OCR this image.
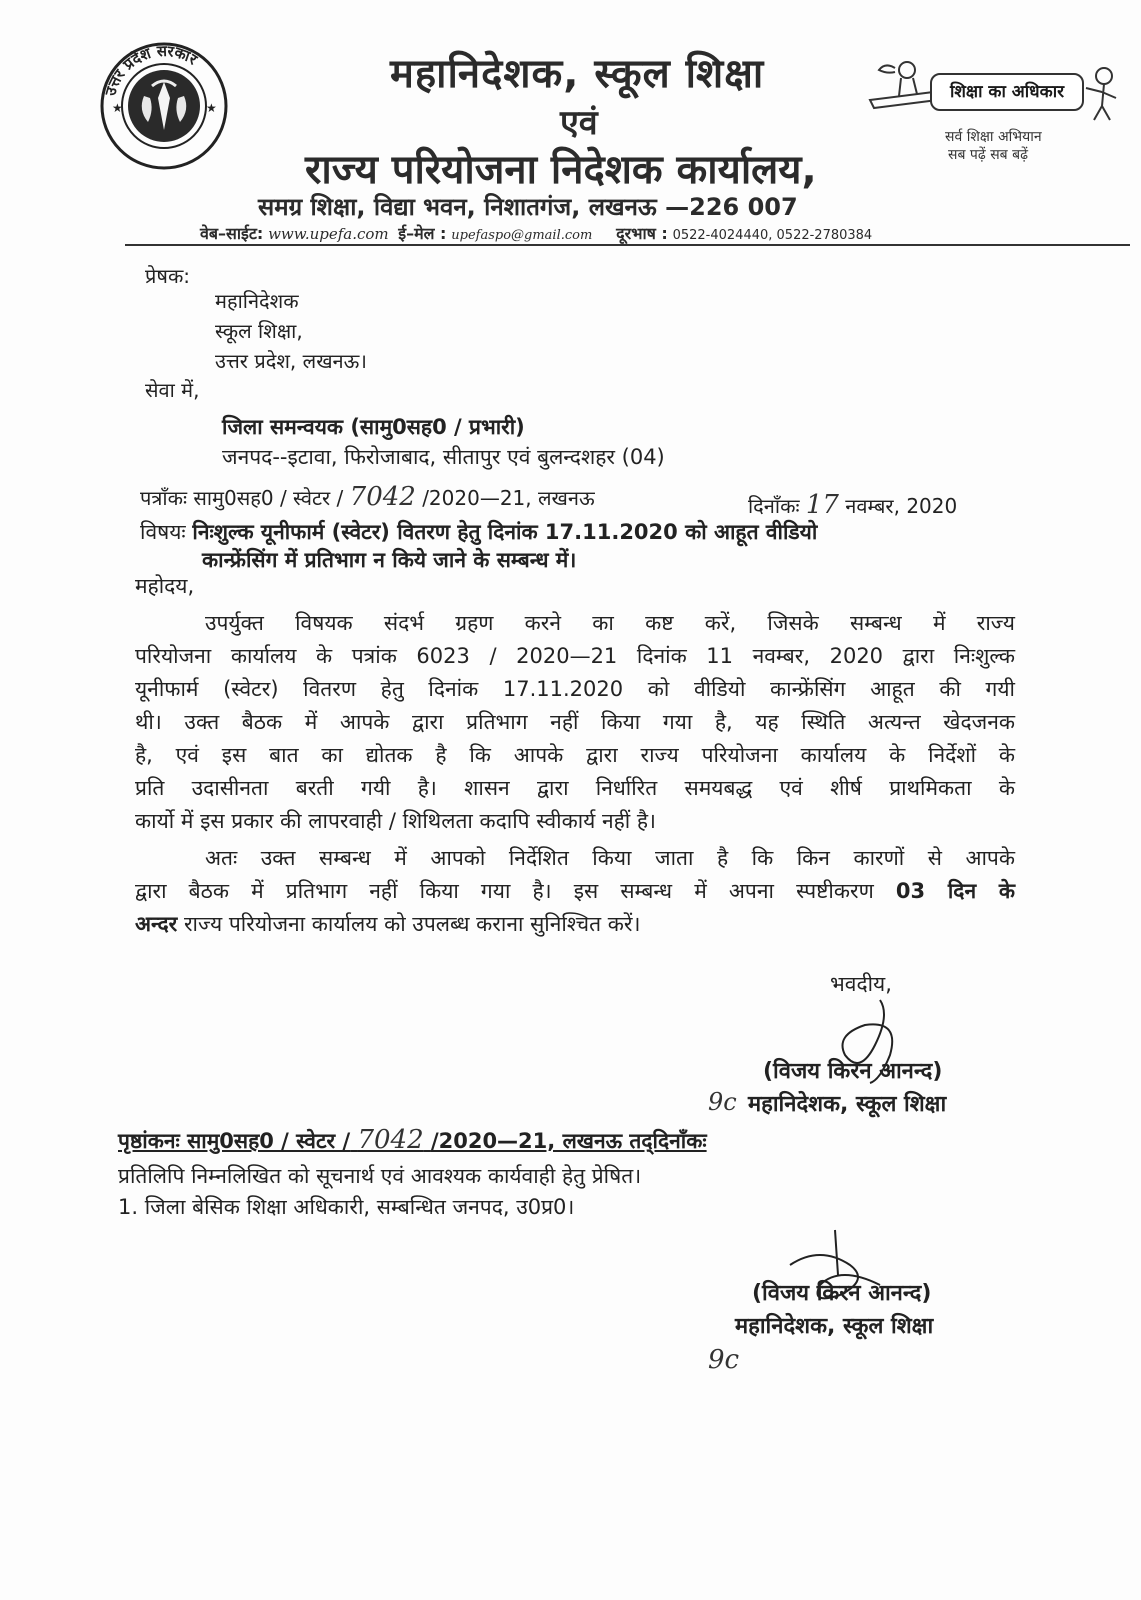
उत्तर प्रदेश सरकार
★	★
महानिदेशक, स्कूल शिक्षा
एवं
राज्य परियोजना निदेशक कार्यालय,
समग्र शिक्षा, विद्या भवन, निशातगंज, लखनऊ —226 007
वेब–साईट: www.upefa.com ई–मेल : upefaspo@gmail.com दूरभाष : 0522-4024440, 0522-2780384
शिक्षा का अधिकार
सर्व शिक्षा अभियान
सब पढ़ें सब बढ़ें
प्रेषक:
महानिदेशक
स्कूल शिक्षा,
उत्तर प्रदेश, लखनऊ।
सेवा में,
जिला समन्वयक (सामु0सह0 / प्रभारी)
जनपद--इटावा, फिरोजाबाद, सीतापुर एवं बुलन्दशहर (04)
पत्रॉंकः सामु0सह0 / स्वेटर / 7042 /2020—21, लखनऊ	दिनॉंकः 17 नवम्बर, 2020
विषयः निःशुल्क यूनीफार्म (स्वेटर) वितरण हेतु दिनांक 17.11.2020 को आहूत वीडियो
कान्फ्रेंसिंग में प्रतिभाग न किये जाने के सम्बन्ध में।
महोदय,
उपर्युक्त विषयक संदर्भ ग्रहण करने का कष्ट करें, जिसके सम्बन्ध में राज्य
परियोजना कार्यालय के पत्रांक 6023 / 2020—21 दिनांक 11 नवम्बर, 2020 द्वारा निःशुल्क
यूनीफार्म (स्वेटर) वितरण हेतु दिनांक 17.11.2020 को वीडियो कान्फ्रेंसिंग आहूत की गयी
थी। उक्त बैठक में आपके द्वारा प्रतिभाग नहीं किया गया है, यह स्थिति अत्यन्त खेदजनक
है, एवं इस बात का द्योतक है कि आपके द्वारा राज्य परियोजना कार्यालय के निर्देशों के
प्रति उदासीनता बरती गयी है। शासन द्वारा निर्धारित समयबद्ध एवं शीर्ष प्राथमिकता के
कार्यो में इस प्रकार की लापरवाही / शिथिलता कदापि स्वीकार्य नहीं है।
अतः उक्त सम्बन्ध में आपको निर्देशित किया जाता है कि किन कारणों से आपके
द्वारा बैठक में प्रतिभाग नहीं किया गया है। इस सम्बन्ध में अपना स्पष्टीकरण 03 दिन के
अन्दर राज्य परियोजना कार्यालय को उपलब्ध कराना सुनिश्चित करें।
भवदीय,
(विजय किरन आनन्द)
9c महानिदेशक, स्कूल शिक्षा
पृष्ठांकनः सामु0सह0 / स्वेटर / 7042 /2020—21, लखनऊ तद्‌दिनॉंकः
प्रतिलिपि निम्नलिखित को सूचनार्थ एवं आवश्यक कार्यवाही हेतु प्रेषित।
1. जिला बेसिक शिक्षा अधिकारी, सम्बन्धित जनपद, उ0प्र0।
(विजय किरन आनन्द)
महानिदेशक, स्कूल शिक्षा
9c
